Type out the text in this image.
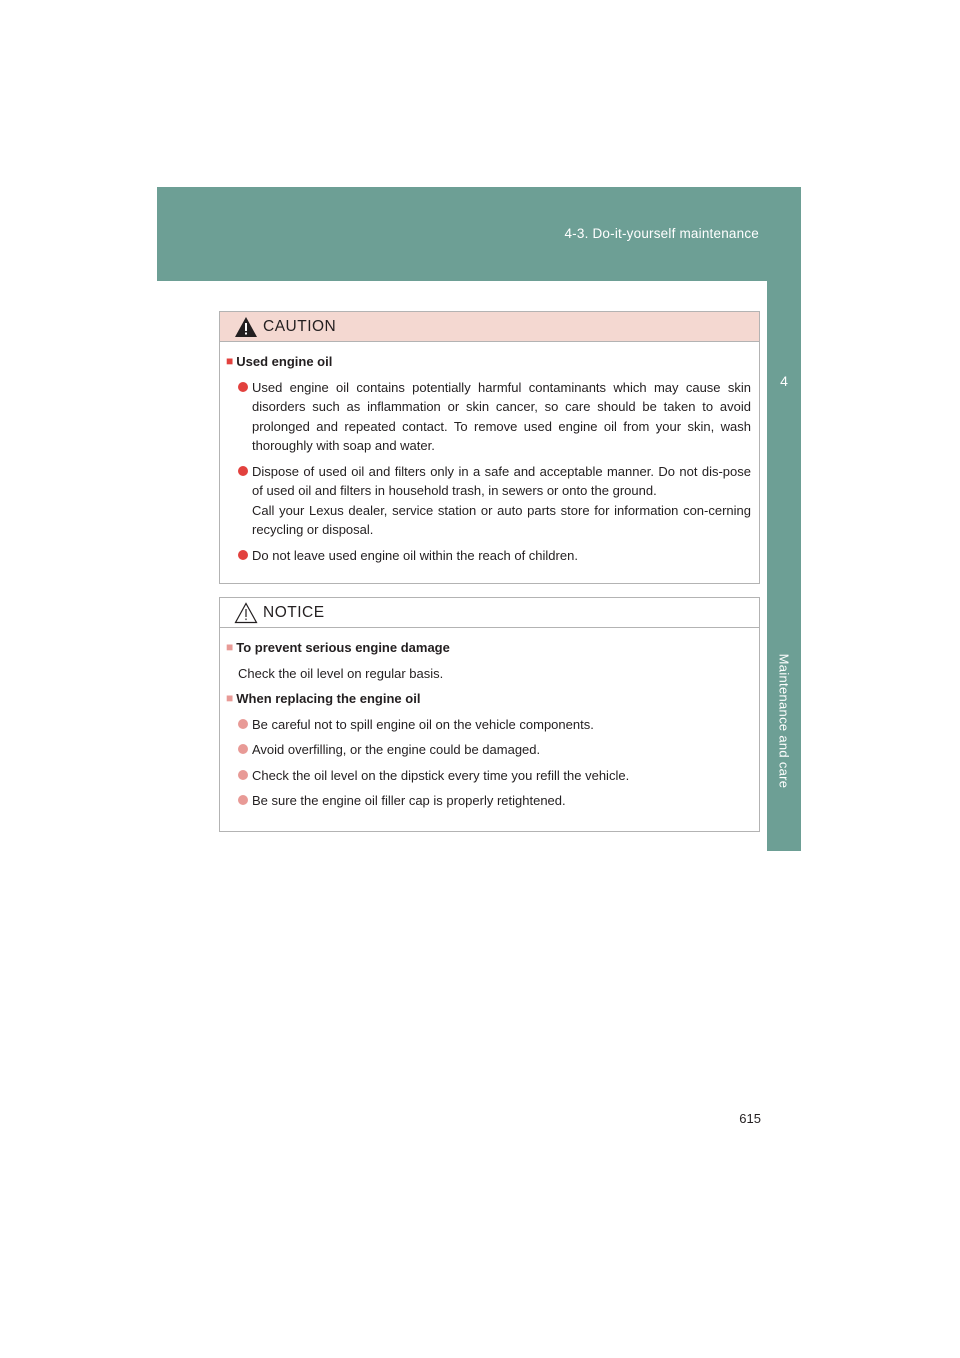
4-3. Do-it-yourself maintenance
4
Maintenance and care
CAUTION
■ Used engine oil
Used engine oil contains potentially harmful contaminants which may cause skin disorders such as inflammation or skin cancer, so care should be taken to avoid prolonged and repeated contact. To remove used engine oil from your skin, wash thoroughly with soap and water.
Dispose of used oil and filters only in a safe and acceptable manner. Do not dis-pose of used oil and filters in household trash, in sewers or onto the ground.
Call your Lexus dealer, service station or auto parts store for information con-cerning recycling or disposal.
Do not leave used engine oil within the reach of children.
NOTICE
■ To prevent serious engine damage
Check the oil level on regular basis.
■ When replacing the engine oil
Be careful not to spill engine oil on the vehicle components.
Avoid overfilling, or the engine could be damaged.
Check the oil level on the dipstick every time you refill the vehicle.
Be sure the engine oil filler cap is properly retightened.
615
